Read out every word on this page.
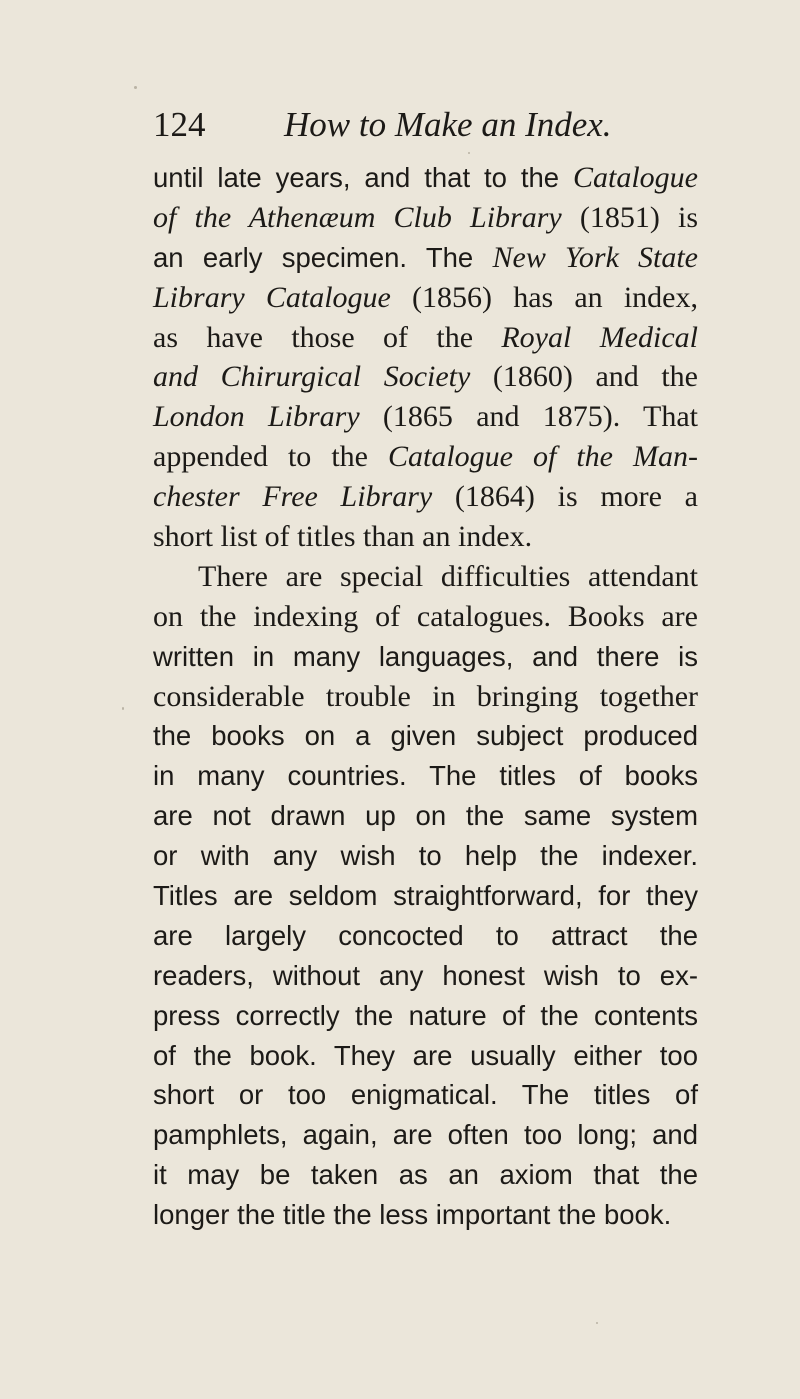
124 How to Make an Index.
until late years, and that to the Catalogue
of the Athenæum Club Library (1851) is
an early specimen. The New York State
Library Catalogue (1856) has an index,
as have those of the Royal Medical
and Chirurgical Society (1860) and the
London Library (1865 and 1875). That
appended to the Catalogue of the Man-
chester Free Library (1864) is more a
short list of titles than an index.
There are special difficulties attendant
on the indexing of catalogues. Books are
written in many languages, and there is
considerable trouble in bringing together
the books on a given subject produced
in many countries. The titles of books
are not drawn up on the same system
or with any wish to help the indexer.
Titles are seldom straightforward, for they
are largely concocted to attract the
readers, without any honest wish to ex-
press correctly the nature of the contents
of the book. They are usually either too
short or too enigmatical. The titles of
pamphlets, again, are often too long; and
it may be taken as an axiom that the
longer the title the less important the book.
